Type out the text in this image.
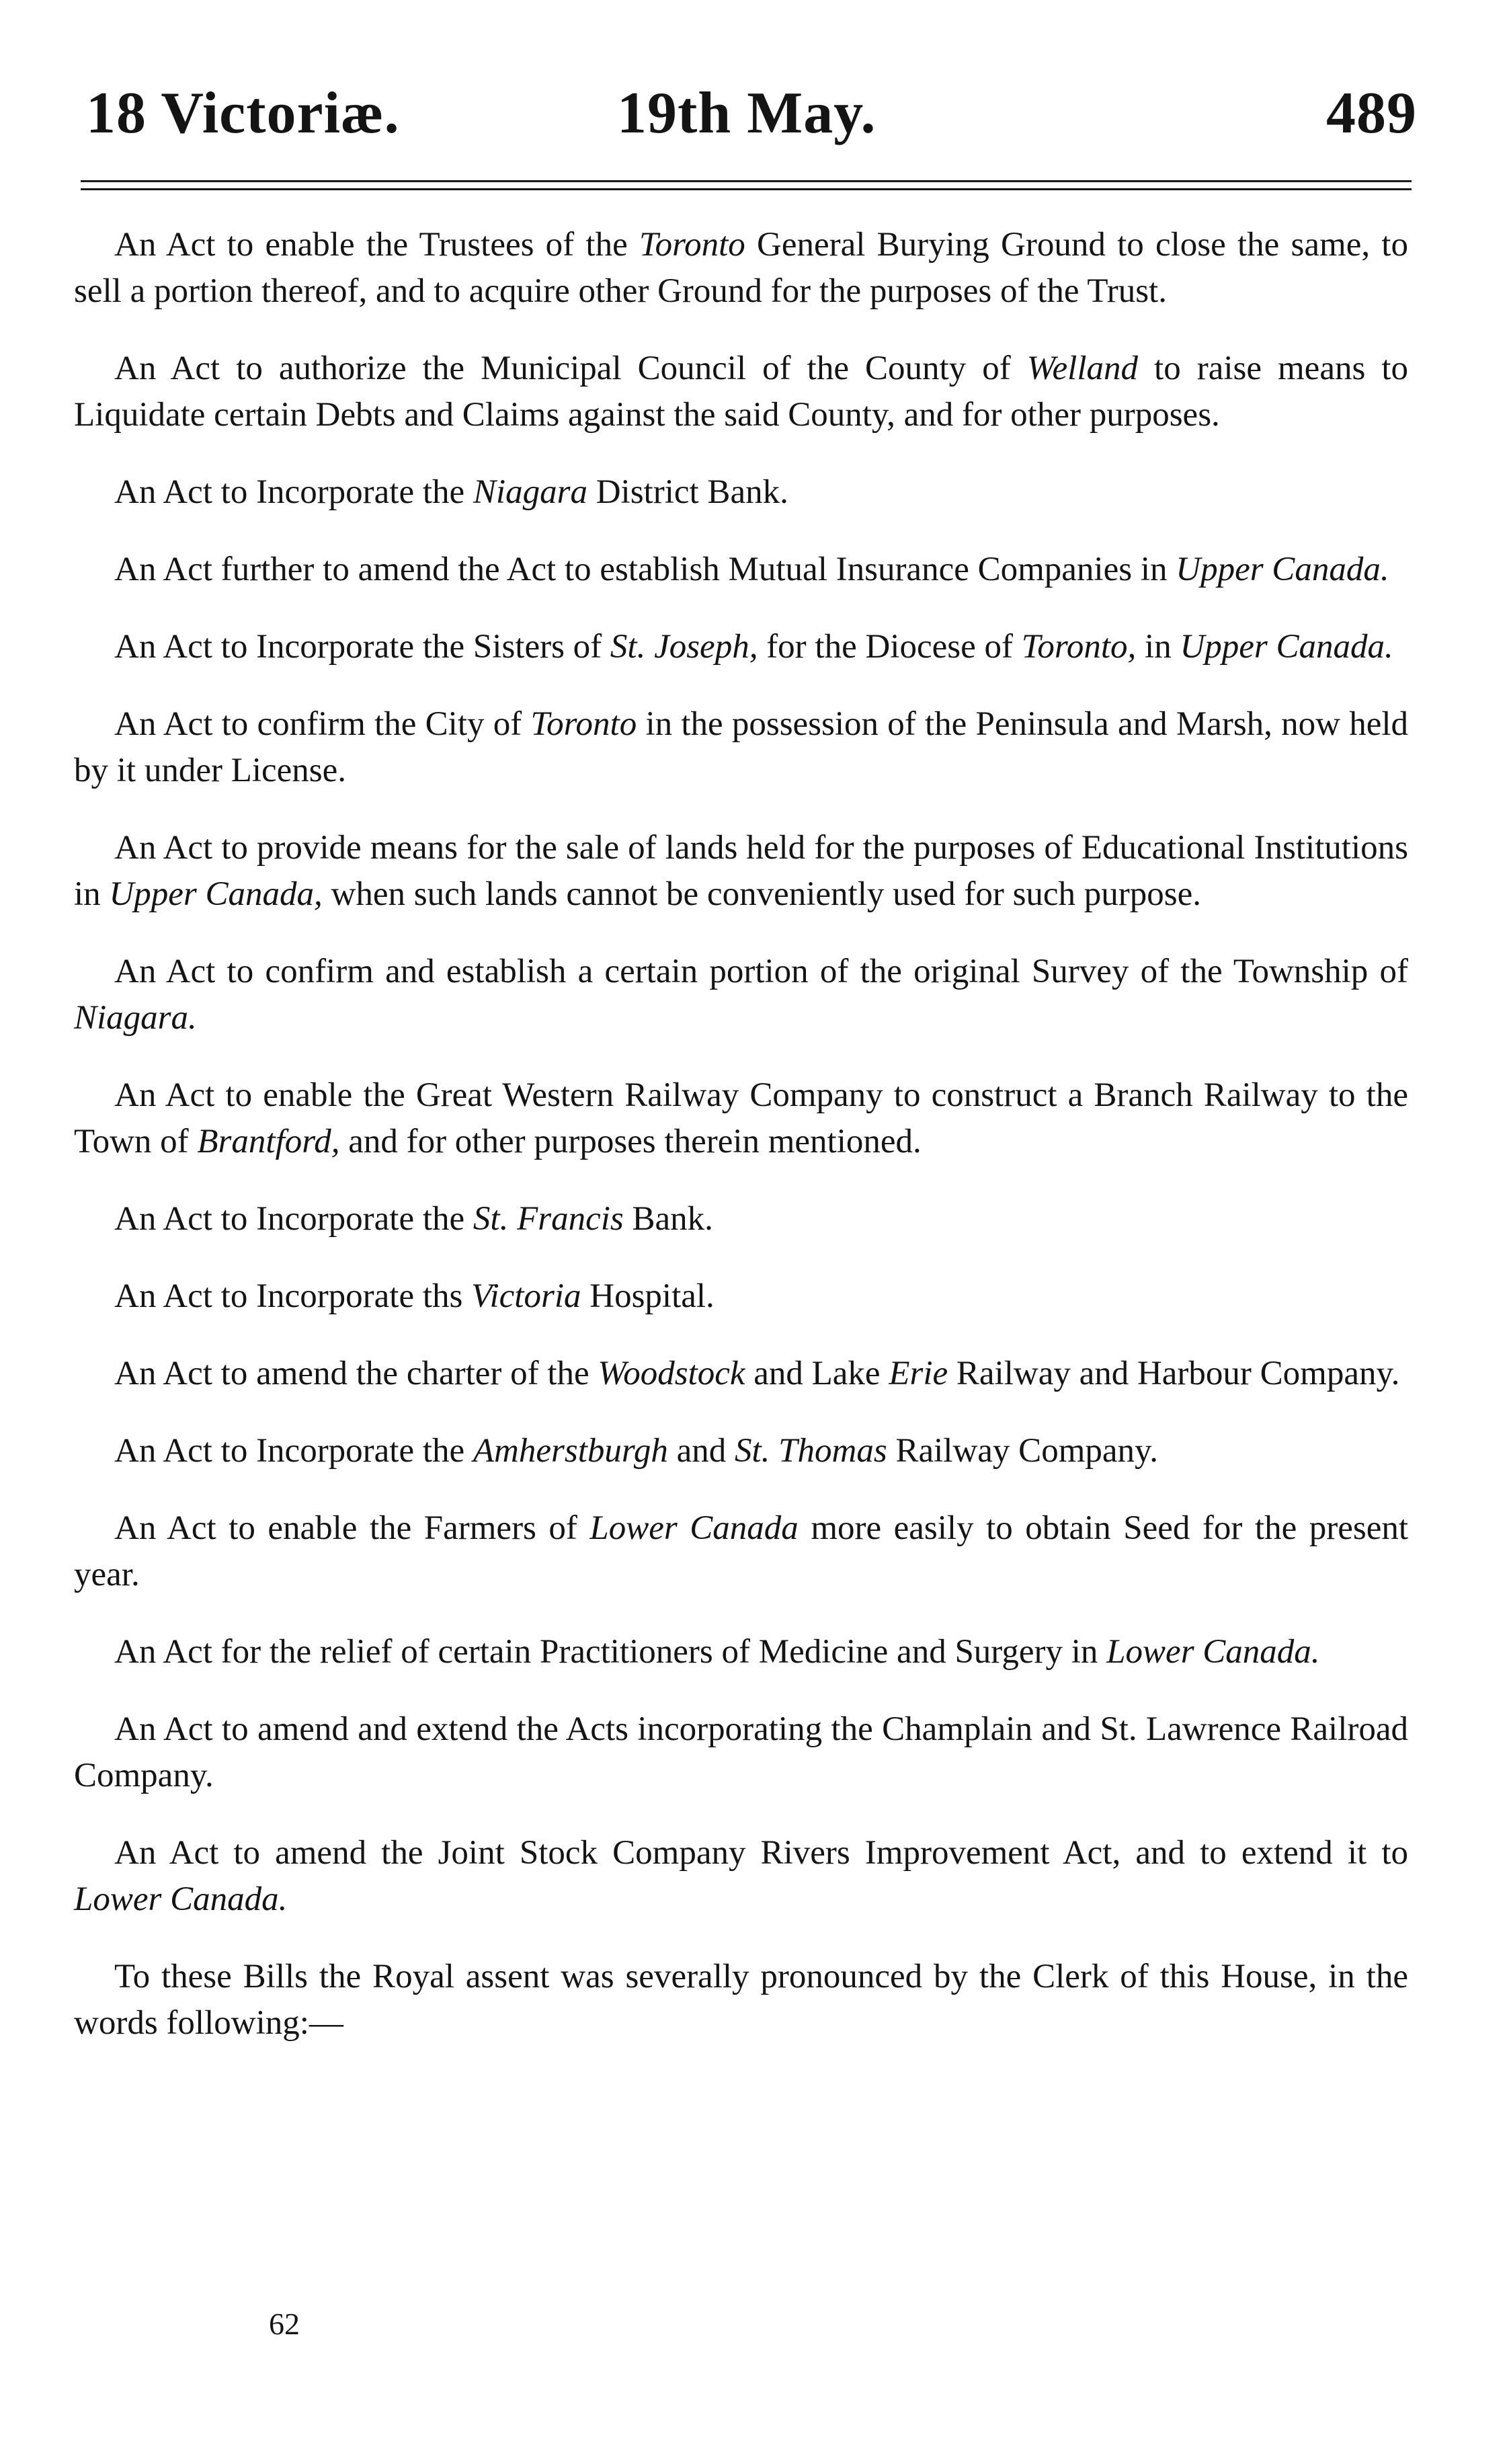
18 Victoriæ.	19th May.	489

An Act to enable the Trustees of the Toronto General Burying Ground to close the same, to sell a portion thereof, and to acquire other Ground for the purposes of the Trust.

An Act to authorize the Municipal Council of the County of Welland to raise means to Liquidate certain Debts and Claims against the said County, and for other purposes.

An Act to Incorporate the Niagara District Bank.

An Act further to amend the Act to establish Mutual Insurance Companies in Upper Canada.

An Act to Incorporate the Sisters of St. Joseph, for the Diocese of Toronto, in Upper Canada.

An Act to confirm the City of Toronto in the possession of the Peninsula and Marsh, now held by it under License.

An Act to provide means for the sale of lands held for the purposes of Educational Institutions in Upper Canada, when such lands cannot be conveniently used for such purpose.

An Act to confirm and establish a certain portion of the original Survey of the Township of Niagara.

An Act to enable the Great Western Railway Company to construct a Branch Railway to the Town of Brantford, and for other purposes therein mentioned.

An Act to Incorporate the St. Francis Bank.

An Act to Incorporate ths Victoria Hospital.

An Act to amend the charter of the Woodstock and Lake Erie Railway and Harbour Company.

An Act to Incorporate the Amherstburgh and St. Thomas Railway Company.

An Act to enable the Farmers of Lower Canada more easily to obtain Seed for the present year.

An Act for the relief of certain Practitioners of Medicine and Surgery in Lower Canada.

An Act to amend and extend the Acts incorporating the Champlain and St. Lawrence Railroad Company.

An Act to amend the Joint Stock Company Rivers Improvement Act, and to extend it to Lower Canada.

To these Bills the Royal assent was severally pronounced by the Clerk of this House, in the words following:—

62
